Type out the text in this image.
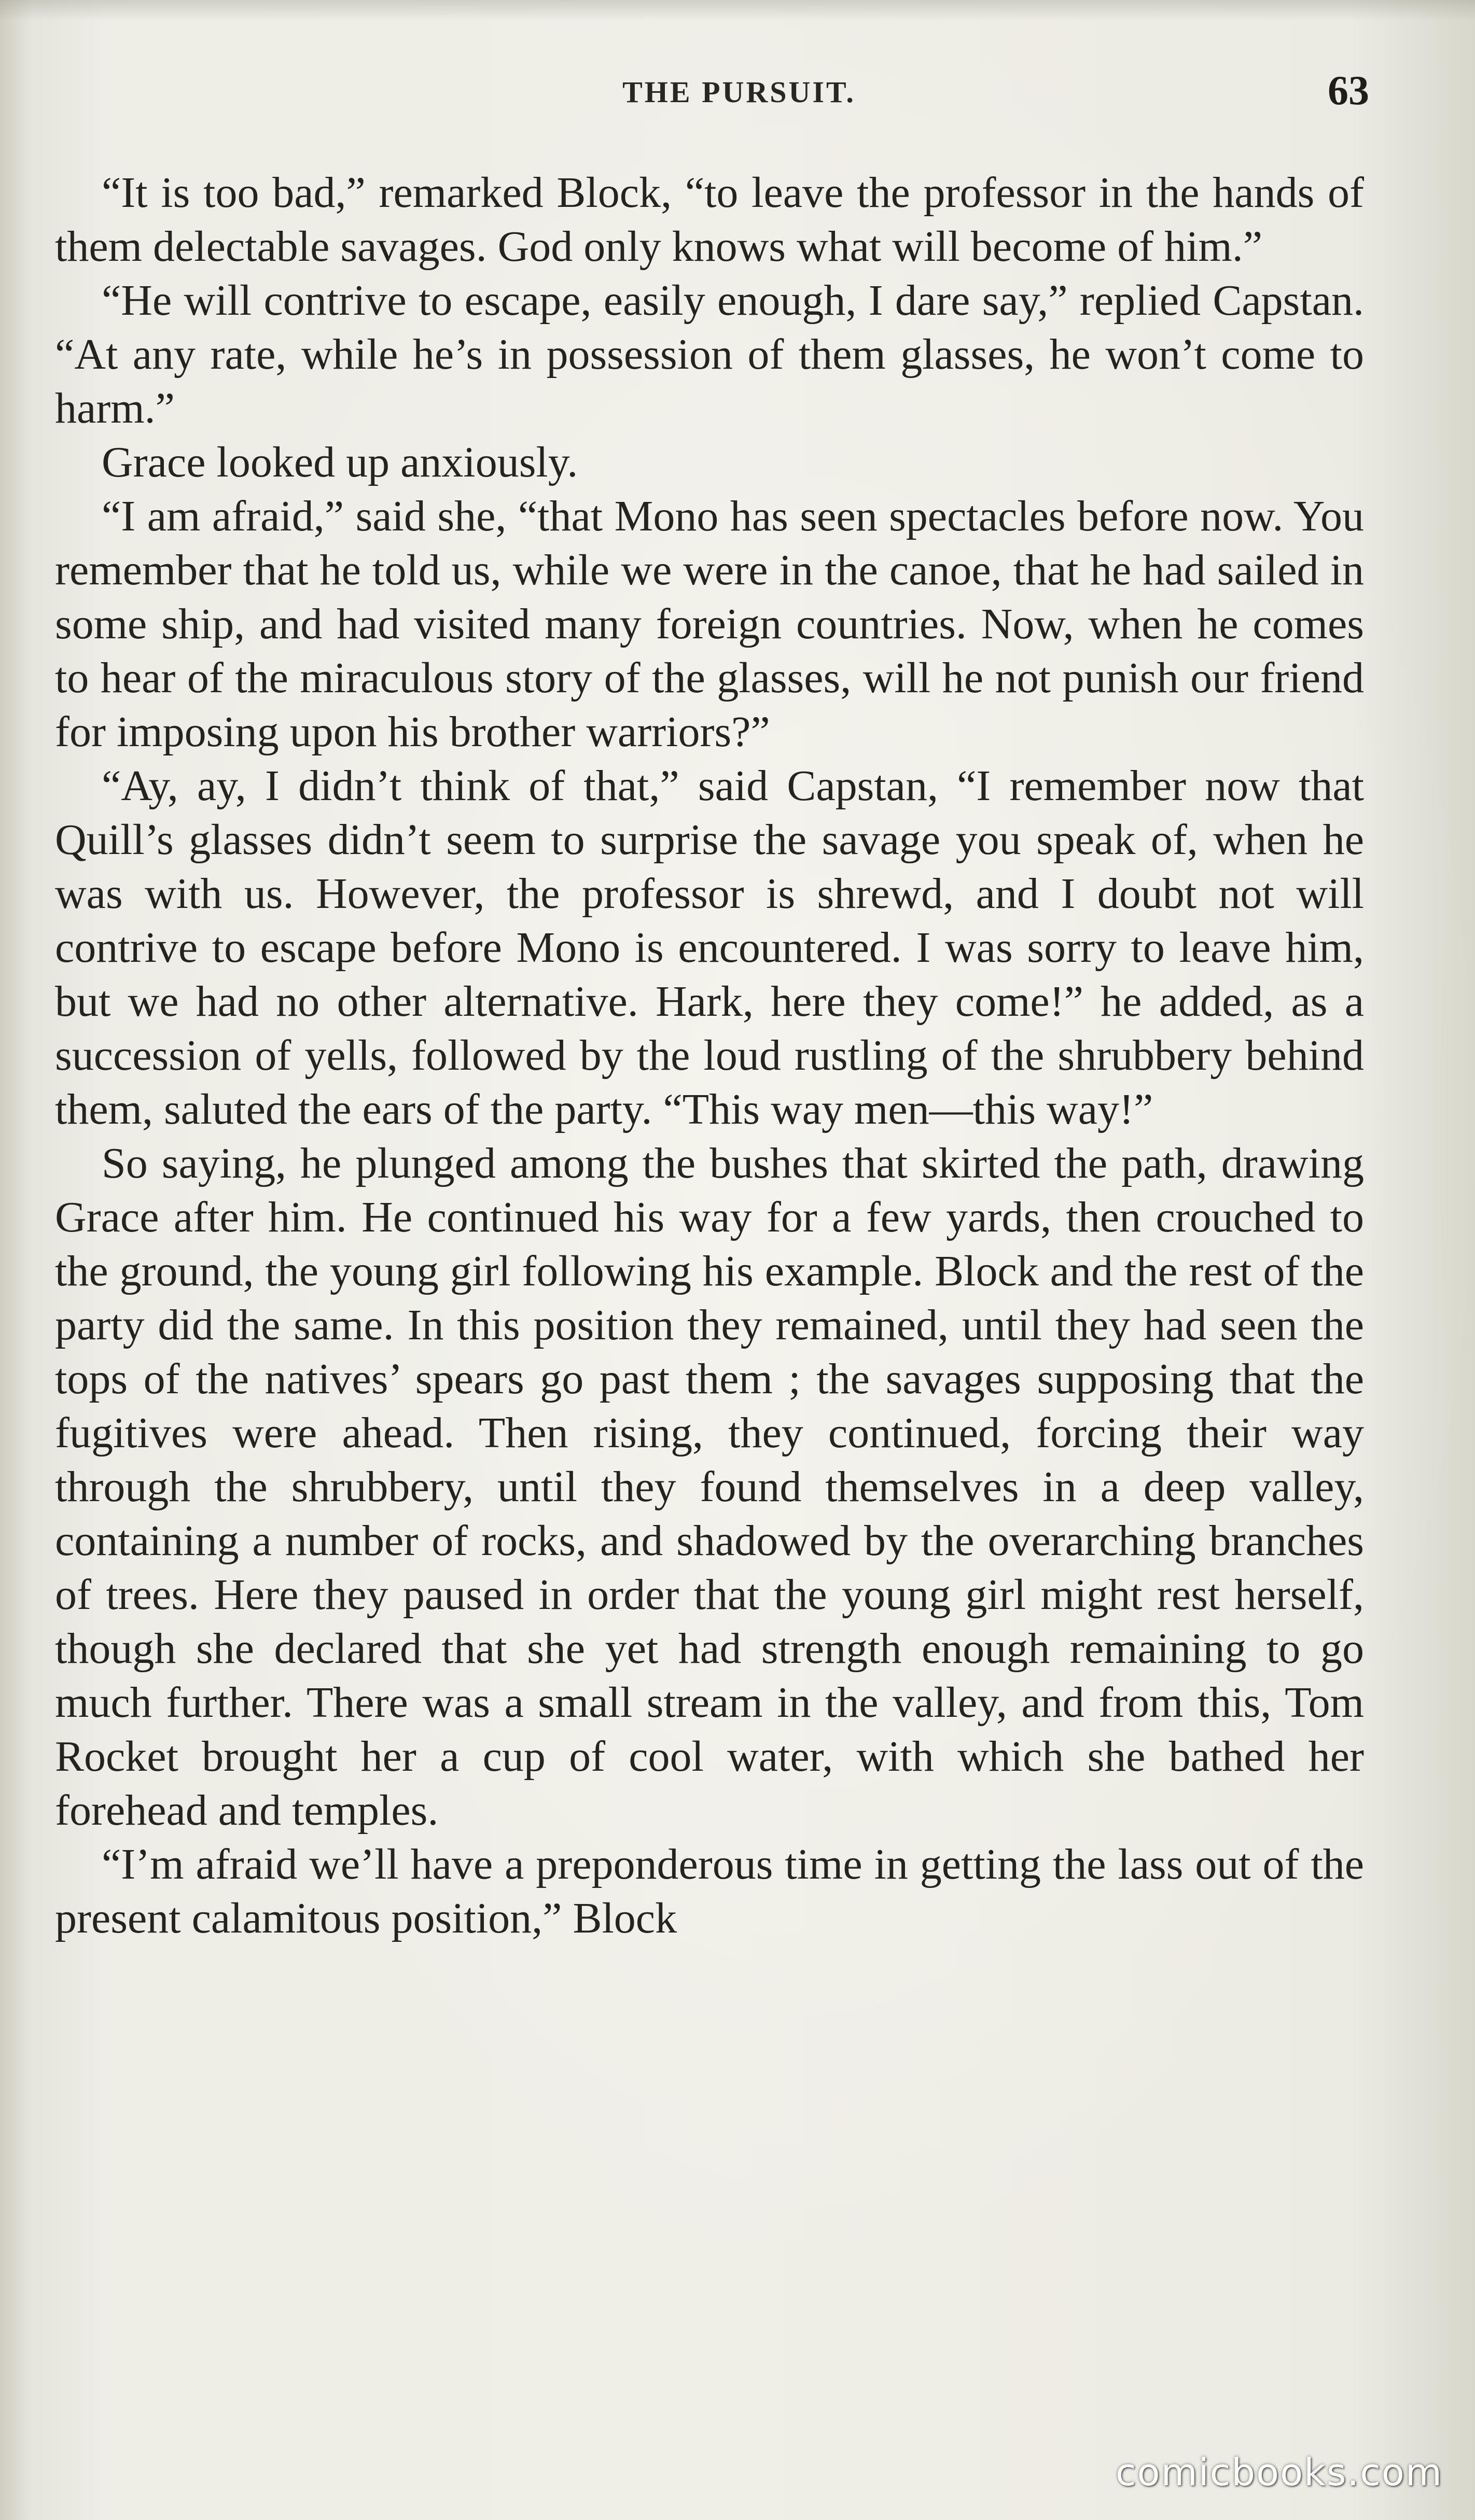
THE PURSUIT.	63

“It is too bad,” remarked Block, “to leave the professor in the hands of them delectable savages. God only knows what will become of him.”

“He will contrive to escape, easily enough, I dare say,” replied Capstan. “At any rate, while he’s in possession of them glasses, he won’t come to harm.”

Grace looked up anxiously.

“I am afraid,” said she, “that Mono has seen spectacles before now. You remember that he told us, while we were in the canoe, that he had sailed in some ship, and had visited many foreign countries. Now, when he comes to hear of the miraculous story of the glasses, will he not punish our friend for imposing upon his brother warriors?”

“Ay, ay, I didn’t think of that,” said Capstan, “I remember now that Quill’s glasses didn’t seem to surprise the savage you speak of, when he was with us. However, the professor is shrewd, and I doubt not will contrive to escape before Mono is encountered. I was sorry to leave him, but we had no other alternative. Hark, here they come!” he added, as a succession of yells, followed by the loud rustling of the shrubbery behind them, saluted the ears of the party. “This way men—this way!”

So saying, he plunged among the bushes that skirted the path, drawing Grace after him. He continued his way for a few yards, then crouched to the ground, the young girl following his example. Block and the rest of the party did the same. In this position they remained, until they had seen the tops of the natives’ spears go past them ; the savages supposing that the fugitives were ahead. Then rising, they continued, forcing their way through the shrubbery, until they found themselves in a deep valley, containing a number of rocks, and shadowed by the overarching branches of trees. Here they paused in order that the young girl might rest herself, though she declared that she yet had strength enough remaining to go much further. There was a small stream in the valley, and from this, Tom Rocket brought her a cup of cool water, with which she bathed her forehead and temples.

“I’m afraid we’ll have a preponderous time in getting the lass out of the present calamitous position,” Block

comicbooks.com
